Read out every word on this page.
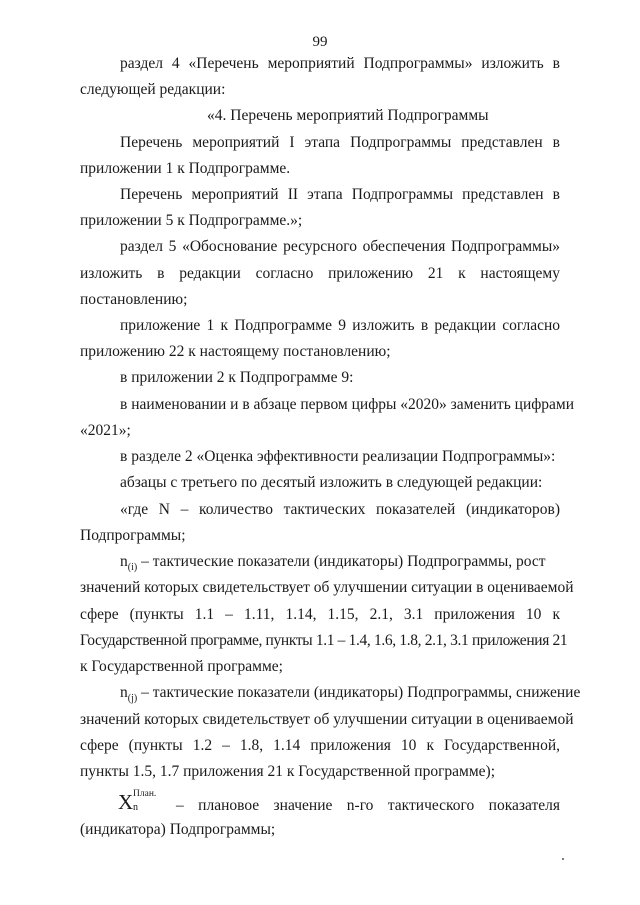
99
раздел 4 «Перечень мероприятий Подпрограммы» изложить в
следующей редакции:
«4. Перечень мероприятий Подпрограммы
Перечень мероприятий I этапа Подпрограммы представлен в
приложении 1 к Подпрограмме.
Перечень мероприятий II этапа Подпрограммы представлен в
приложении 5 к Подпрограмме.»;
раздел 5 «Обоснование ресурсного обеспечения Подпрограммы»
изложить в редакции согласно приложению 21 к настоящему
постановлению;
приложение 1 к Подпрограмме 9 изложить в редакции согласно
приложению 22 к настоящему постановлению;
в приложении 2 к Подпрограмме 9:
в наименовании и в абзаце первом цифры «2020» заменить цифрами
«2021»;
в разделе 2 «Оценка эффективности реализации Подпрограммы»:
абзацы с третьего по десятый изложить в следующей редакции:
«где N – количество тактических показателей (индикаторов)
Подпрограммы;
$n_{(i)}$ – тактические показатели (индикаторы) Подпрограммы, рост
значений которых свидетельствует об улучшении ситуации в оцениваемой
сфере (пункты 1.1 – 1.11, 1.14, 1.15, 2.1, 3.1 приложения 10 к
Государственной программе, пункты 1.1 – 1.4, 1.6, 1.8, 2.1, 3.1 приложения 21
к Государственной программе;
$n_{(j)}$ – тактические показатели (индикаторы) Подпрограммы, снижение
значений которых свидетельствует об улучшении ситуации в оцениваемой
сфере (пункты 1.2 – 1.8, 1.14 приложения 10 к Государственной,
пункты 1.5, 1.7 приложения 21 к Государственной программе);
X План.
n – плановое значение n-го тактического показателя
(индикатора) Подпрограммы;
